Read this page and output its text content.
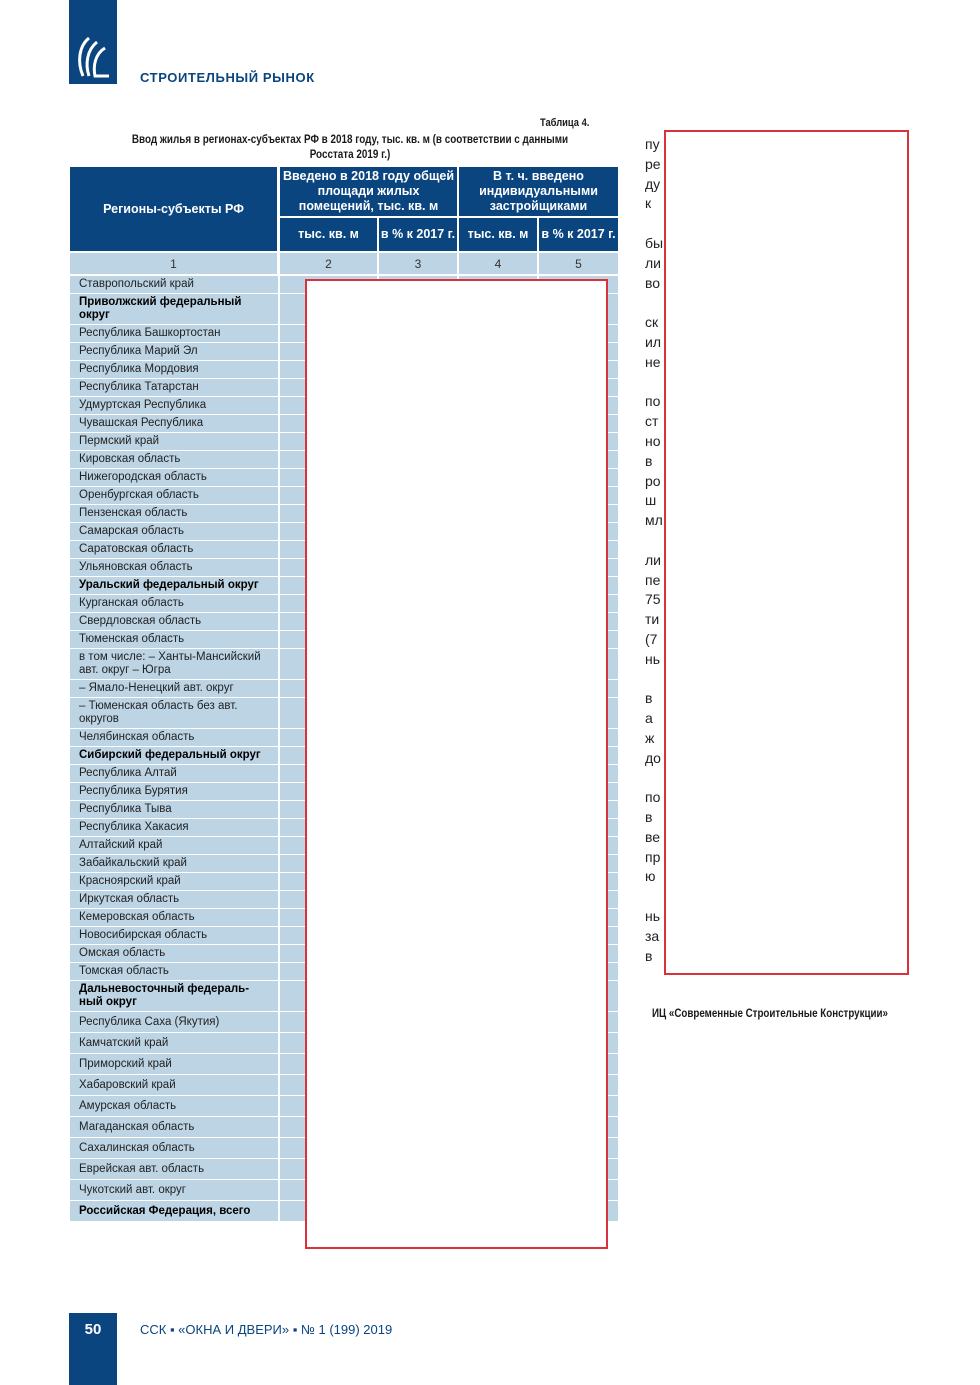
СТРОИТЕЛЬНЫЙ РЫНОК
Таблица 4.
Ввод жилья в регионах-субъектах РФ в 2018 году, тыс. кв. м (в соответствии с данными Росстата 2019 г.)
Регионы-субъекты РФ
Введено в 2018 году общей площади жилых помещений, тыс. кв. м
В т. ч. введено индивидуальными застройщиками
тыс. кв. м	в % к 2017 г. тыс. кв. м	в % к 2017 г.
1	2	3	4	5
Ставропольский край
Приволжский федеральный округ
Республика Башкортостан
Республика Марий Эл
Республика Мордовия
Республика Татарстан
Удмуртская Республика
Чувашская Республика
Пермский край
Кировская область
Нижегородская область
Оренбургская область
Пензенская область
Самарская область
Саратовская область
Ульяновская область
Уральский федеральный округ
Курганская область
Свердловская область
Тюменская область
в том числе: – Ханты-Мансийский авт. округ – Югра
– Ямало-Ненецкий авт. округ
– Тюменская область без авт. округов
Челябинская область
Сибирский федеральный округ
Республика Алтай
Республика Бурятия
Республика Тыва
Республика Хакасия
Алтайский край
Забайкальский край
Красноярский край
Иркутская область
Кемеровская область
Новосибирская область
Омская область
Томская область
Дальневосточный федераль-ный округ
Республика Саха (Якутия)
Камчатский край
Приморский край
Хабаровский край
Амурская область
Магаданская область
Сахалинская область
Еврейская авт. область
Чукотский авт. округ
Российская Федерация, всего
пу
ре
ду
к
бы
ли
во
ск
ил
не
по
ст
но
в
ро
ш
мл
ли
пе
75
ти
(7
нь
в
а
ж
до
по
в
ве
пр
ю
нь
за
в
ИЦ «Современные Строительные Конструкции»
50	ССК ▪ «ОКНА И ДВЕРИ» ▪ № 1 (199) 2019
